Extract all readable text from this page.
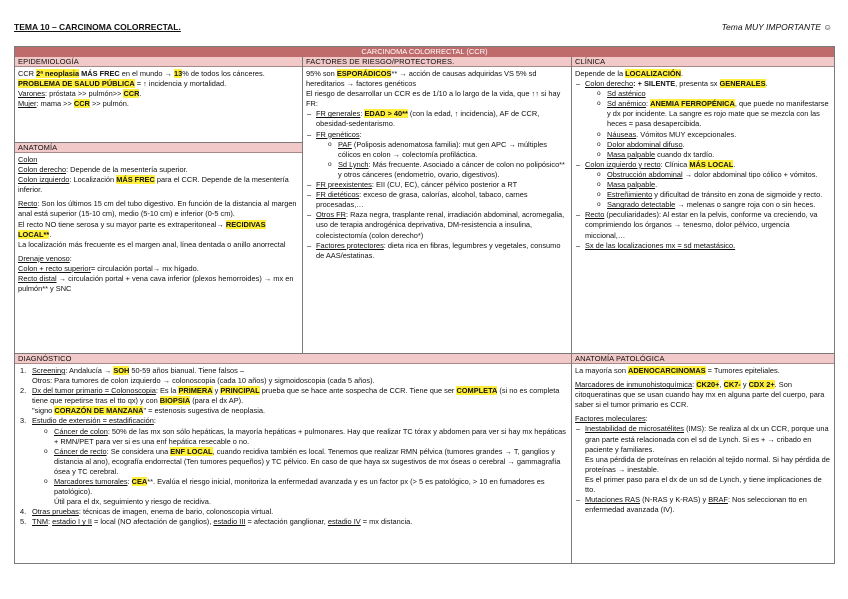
TEMA 10 – CARCINOMA COLORRECTAL.	Tema MUY IMPORTANTE ☺
CARCINOMA COLORRECTAL (CCR)
EPIDEMIOLOGÍA

CCR 2ª neoplasia MÁS FREC en el mundo → 13% de todos los cánceres.

PROBLEMA DE SALUD PÚBLICA = ↑ incidencia y mortalidad.

Varones: próstata >> pulmón>> CCR.

Mujer: mama >> CCR >> pulmón.

ANATOMÍA

Colon

Colon derecho: Depende de la mesentería superior.

Colon izquierdo: Localización MÁS FREC para el CCR. Depende de la mesentería inferior.

Recto: Son los últimos 15 cm del tubo digestivo. En función de la distancia al margen anal está superior (15-10 cm), medio (5-10 cm) e inferior (0-5 cm).

El recto NO tiene serosa y su mayor parte es extraperitoneal→ RECIDIVAS LOCAL**.

La localización más frecuente es el margen anal, línea dentada o anillo anorrectal

Drenaje venoso:

Colon + recto superior= circulación portal→ mx hígado.

Recto distal → circulación portal + vena cava inferior (plexos hemorroides) → mx en pulmón** y SNC

FACTORES DE RIESGO/PROTECTORES.

95% son ESPORÁDICOS** → acción de causas adquiridas VS 5% sd hereditarios → factores genéticos

El riesgo de desarrollar un CCR es de 1/10 a lo largo de la vida, que ↑↑ si hay FR:

– FR generales: EDAD > 40** (con la edad, ↑ incidencia), AF de CCR, obesidad-sedentarismo.
– FR genéticos:
o PAF (Poliposis adenomatosa familia): mut gen APC → múltiples cólicos en colon → colectomía profiláctica.
o Sd Lynch: Más frecuente. Asociado a cáncer de colon no polipósico** y otros cánceres (endometrio, ovario, digestivos).
– FR preexistentes: EII (CU, EC), cáncer pélvico posterior a RT
– FR dietéticos: exceso de grasa, calorías, alcohol, tabaco, carnes procesadas,…
– Otros FR: Raza negra, trasplante renal, irradiación abdominal, acromegalia, uso de terapia androgénica deprivativa, DM-resistencia a insulina, colecistectomía (colon derecho*)
– Factores protectores: dieta rica en fibras, legumbres y vegetales, consumo de AAS/estatinas.
CLÍNICA

Depende de la LOCALIZACIÓN.

– Colon derecho: + SILENTE, presenta sx GENERALES.
o Sd asténico
o Sd anémico: ANEMIA FERROPÉNICA, que puede no manifestarse y dx por incidente. La sangre es rojo mate que se mezcla con las heces = pasa desapercibida.
o Náuseas. Vómitos MUY excepcionales.
o Dolor abdominal difuso.
o Masa palpable cuando dx tardío.
– Colon izquierdo y recto: Clínica MÁS LOCAL.
o Obstrucción abdominal → dolor abdominal tipo cólico + vómitos.
o Masa palpable.
o Estreñimiento y dificultad de tránsito en zona de sigmoide y recto.
o Sangrado detectable → melenas o sangre roja con o sin heces.
– Recto (peculiaridades): Al estar en la pelvis, conforme va creciendo, va comprimiendo los órganos → tenesmo, dolor pélvico, urgencia miccional,…
– Sx de las localizaciones mx = sd metastásico.
DIAGNÓSTICO
1. Screening: Andalucía → SOH 50-59 años bianual. Tiene falsos –
Otros: Para tumores de colon izquierdo → colonoscopia (cada 10 años) y sigmoidoscopia (cada 5 años).
2. Dx del tumor primario = Colonoscopia: Es la PRIMERA y PRINCIPAL prueba que se hace ante sospecha de CCR. Tiene que ser COMPLETA (si no es completa tiene que repetirse tras el tto qx) y con BIOPSIA (para el dx AP).
"signo CORAZÓN DE MANZANA" = estenosis sugestiva de neoplasia.
3. Estudio de extensión = estadificación:
o Cáncer de colon: 50% de las mx son sólo hepáticas, la mayoría hepáticas + pulmonares. Hay que realizar TC tórax y abdomen para ver si hay mx hepáticas + RMN/PET para ver si es una enf hepática resecable o no.
o Cáncer de recto: Se considera una ENF LOCAL, cuando recidiva también es local. Tenemos que realizar RMN pélvica (tumores grandes → T, ganglios y distancia al ano), ecografía endorrectal (Ten tumores pequeños) y TC pélvico. En caso de que haya sx sugestivos de mx óseas o cerebral → gammagrafía ósea y TC cerebral.
o Marcadores tumorales: CEA**. Evalúa el riesgo inicial, monitoriza la enfermedad avanzada y es un factor px (> 5 es patológico, > 10 en fumadores es patológico).
Útil para el dx, seguimiento y riesgo de recidiva.
4. Otras pruebas: técnicas de imagen, enema de bario, colonoscopia virtual.
5. TNM: estadio I y II = local (NO afectación de ganglios), estadio III = afectación ganglionar, estadio IV = mx distancia.
ANATOMÍA PATOLÓGICA

La mayoría son ADENOCARCINOMAS = Tumores epiteliales.

Marcadores de inmunohistoquímica: CK20+, CK7- y CDX 2+. Son citoqueratinas que se usan cuando hay mx en alguna parte del cuerpo, para saber si el tumor primario es CCR.

Factores moleculares:

– Inestabilidad de microsatélites (IMS): Se realiza al dx un CCR, porque una gran parte está relacionada con el sd de Lynch. Si es + → cribado en paciente y familiares.
Es una pérdida de proteínas en relación al tejido normal. Si hay pérdida de proteínas → inestable.
Es el primer paso para el dx de un sd de Lynch, y tiene implicaciones de tto.
– Mutaciones RAS (N-RAS y K-RAS) y BRAF: Nos seleccionan tto en enfermedad avanzada (IV).
